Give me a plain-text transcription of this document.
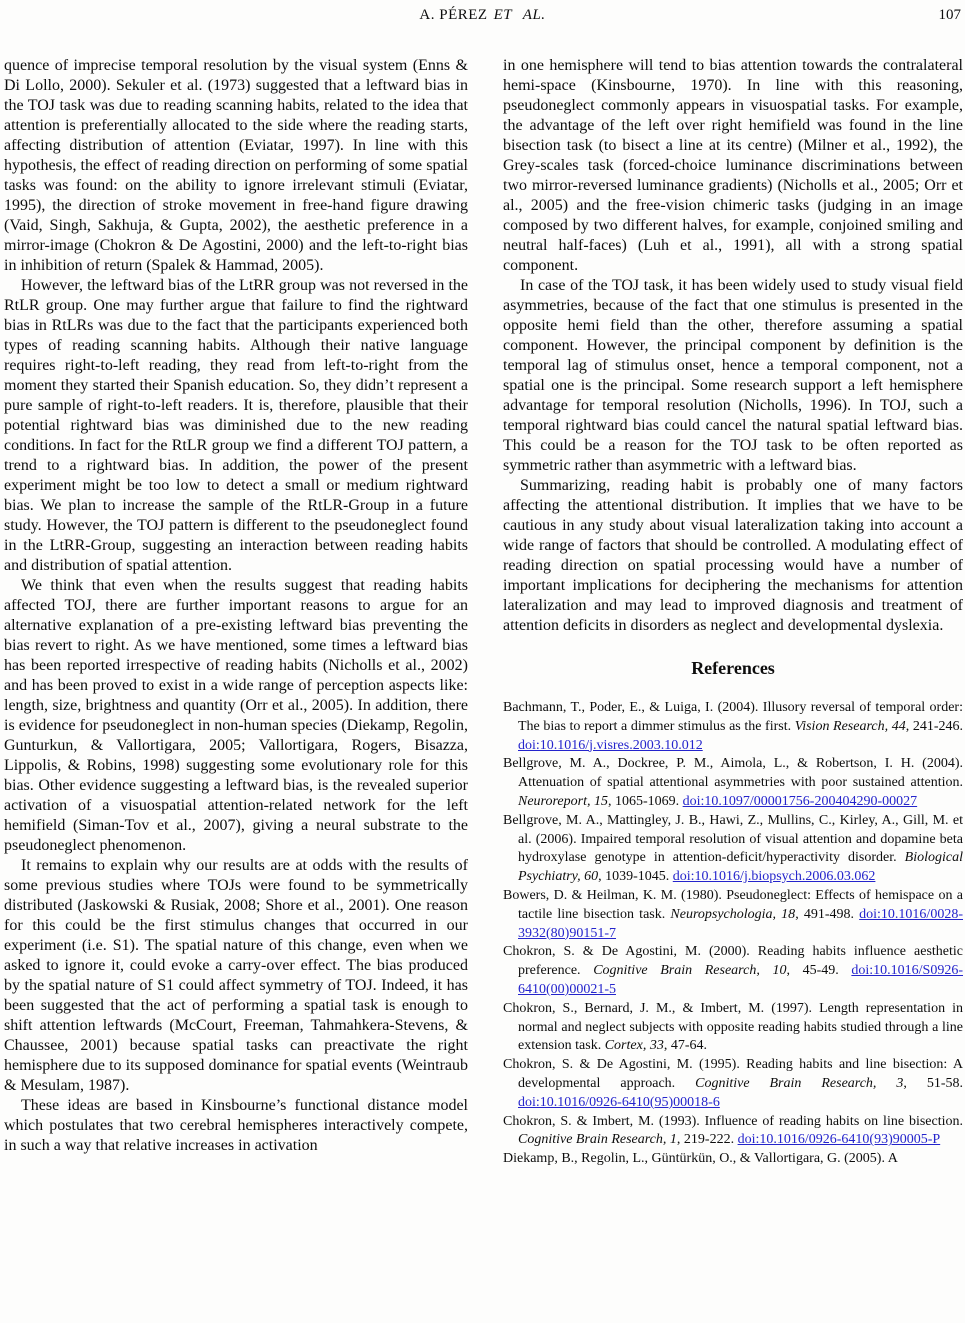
A. PÉREZ ET AL.	107

quence of imprecise temporal resolution by the visual system (Enns & Di Lollo, 2000). Sekuler et al. (1973) suggested that a leftward bias in the TOJ task was due to reading scanning habits, related to the idea that attention is preferentially allocated to the side where the reading starts, affecting distribution of attention (Eviatar, 1997). In line with this hypothesis, the effect of reading direction on performing of some spatial tasks was found: on the ability to ignore irrelevant stimuli (Eviatar, 1995), the direction of stroke movement in free-hand figure drawing (Vaid, Singh, Sakhuja, & Gupta, 2002), the aesthetic preference in a mirror-image (Chokron & De Agostini, 2000) and the left-to-right bias in inhibition of return (Spalek & Hammad, 2005).

However, the leftward bias of the LtRR group was not reversed in the RtLR group. One may further argue that failure to find the rightward bias in RtLRs was due to the fact that the participants experienced both types of reading scanning habits. Although their native language requires right-to-left reading, they read from left-to-right from the moment they started their Spanish education. So, they didn’t represent a pure sample of right-to-left readers. It is, therefore, plausible that their potential rightward bias was diminished due to the new reading conditions. In fact for the RtLR group we find a different TOJ pattern, a trend to a rightward bias. In addition, the power of the present experiment might be too low to detect a small or medium rightward bias. We plan to increase the sample of the RtLR-Group in a future study. However, the TOJ pattern is different to the pseudoneglect found in the LtRR-Group, suggesting an interaction between reading habits and distribution of spatial attention.

We think that even when the results suggest that reading habits affected TOJ, there are further important reasons to argue for an alternative explanation of a pre-existing leftward bias preventing the bias revert to right. As we have mentioned, some times a leftward bias has been reported irrespective of reading habits (Nicholls et al., 2002) and has been proved to exist in a wide range of perception aspects like: length, size, brightness and quantity (Orr et al., 2005). In addition, there is evidence for pseudoneglect in non-human species (Diekamp, Regolin, Gunturkun, & Vallortigara, 2005; Vallortigara, Rogers, Bisazza, Lippolis, & Robins, 1998) suggesting some evolutionary role for this bias. Other evidence suggesting a leftward bias, is the revealed superior activation of a visuospatial attention-related network for the left hemifield (Siman-Tov et al., 2007), giving a neural substrate to the pseudoneglect phenomenon.

It remains to explain why our results are at odds with the results of some previous studies where TOJs were found to be symmetrically distributed (Jaskowski & Rusiak, 2008; Shore et al., 2001). One reason for this could be the first stimulus changes that occurred in our experiment (i.e. S1). The spatial nature of this change, even when we asked to ignore it, could evoke a carry-over effect. The bias produced by the spatial nature of S1 could affect symmetry of TOJ. Indeed, it has been suggested that the act of performing a spatial task is enough to shift attention leftwards (McCourt, Freeman, Tahmahkera-Stevens, & Chaussee, 2001) because spatial tasks can preactivate the right hemisphere due to its supposed dominance for spatial events (Weintraub & Mesulam, 1987).

These ideas are based in Kinsbourne’s functional distance model which postulates that two cerebral hemispheres interactively compete, in such a way that relative increases in activation

in one hemisphere will tend to bias attention towards the contralateral hemi-space (Kinsbourne, 1970). In line with this reasoning, pseudoneglect commonly appears in visuospatial tasks. For example, the advantage of the left over right hemifield was found in the line bisection task (to bisect a line at its centre) (Milner et al., 1992), the Grey-scales task (forced-choice luminance discriminations between two mirror-reversed luminance gradients) (Nicholls et al., 2005; Orr et al., 2005) and the free-vision chimeric tasks (judging in an image composed by two different halves, for example, conjoined smiling and neutral half-faces) (Luh et al., 1991), all with a strong spatial component.

In case of the TOJ task, it has been widely used to study visual field asymmetries, because of the fact that one stimulus is presented in the opposite hemi field than the other, therefore assuming a spatial component. However, the principal component by definition is the temporal lag of stimulus onset, hence a temporal component, not a spatial one is the principal. Some research support a left hemisphere advantage for temporal resolution (Nicholls, 1996). In TOJ, such a temporal rightward bias could cancel the natural spatial leftward bias. This could be a reason for the TOJ task to be often reported as symmetric rather than asymmetric with a leftward bias.

Summarizing, reading habit is probably one of many factors affecting the attentional distribution. It implies that we have to be cautious in any study about visual lateralization taking into account a wide range of factors that should be controlled. A modulating effect of reading direction on spatial processing would have a number of important implications for deciphering the mechanisms for attention lateralization and may lead to improved diagnosis and treatment of attention deficits in disorders as neglect and developmental dyslexia.

References

Bachmann, T., Poder, E., & Luiga, I. (2004). Illusory reversal of temporal order: The bias to report a dimmer stimulus as the first. Vision Research, 44, 241-246. doi:10.1016/j.visres.2003.10.012

Bellgrove, M. A., Dockree, P. M., Aimola, L., & Robertson, I. H. (2004). Attenuation of spatial attentional asymmetries with poor sustained attention. Neuroreport, 15, 1065-1069. doi:10.1097/00001756-200404290-00027

Bellgrove, M. A., Mattingley, J. B., Hawi, Z., Mullins, C., Kirley, A., Gill, M. et al. (2006). Impaired temporal resolution of visual attention and dopamine beta hydroxylase genotype in attention-deficit/hyperactivity disorder. Biological Psychiatry, 60, 1039-1045. doi:10.1016/j.biopsych.2006.03.062

Bowers, D. & Heilman, K. M. (1980). Pseudoneglect: Effects of hemispace on a tactile line bisection task. Neuropsychologia, 18, 491-498. doi:10.1016/0028-3932(80)90151-7

Chokron, S. & De Agostini, M. (2000). Reading habits influence aesthetic preference. Cognitive Brain Research, 10, 45-49. doi:10.1016/S0926-6410(00)00021-5

Chokron, S., Bernard, J. M., & Imbert, M. (1997). Length representation in normal and neglect subjects with opposite reading habits studied through a line extension task. Cortex, 33, 47-64.

Chokron, S. & De Agostini, M. (1995). Reading habits and line bisection: A developmental approach. Cognitive Brain Research, 3, 51-58. doi:10.1016/0926-6410(95)00018-6

Chokron, S. & Imbert, M. (1993). Influence of reading habits on line bisection. Cognitive Brain Research, 1, 219-222. doi:10.1016/0926-6410(93)90005-P

Diekamp, B., Regolin, L., Güntürkün, O., & Vallortigara, G. (2005). A
